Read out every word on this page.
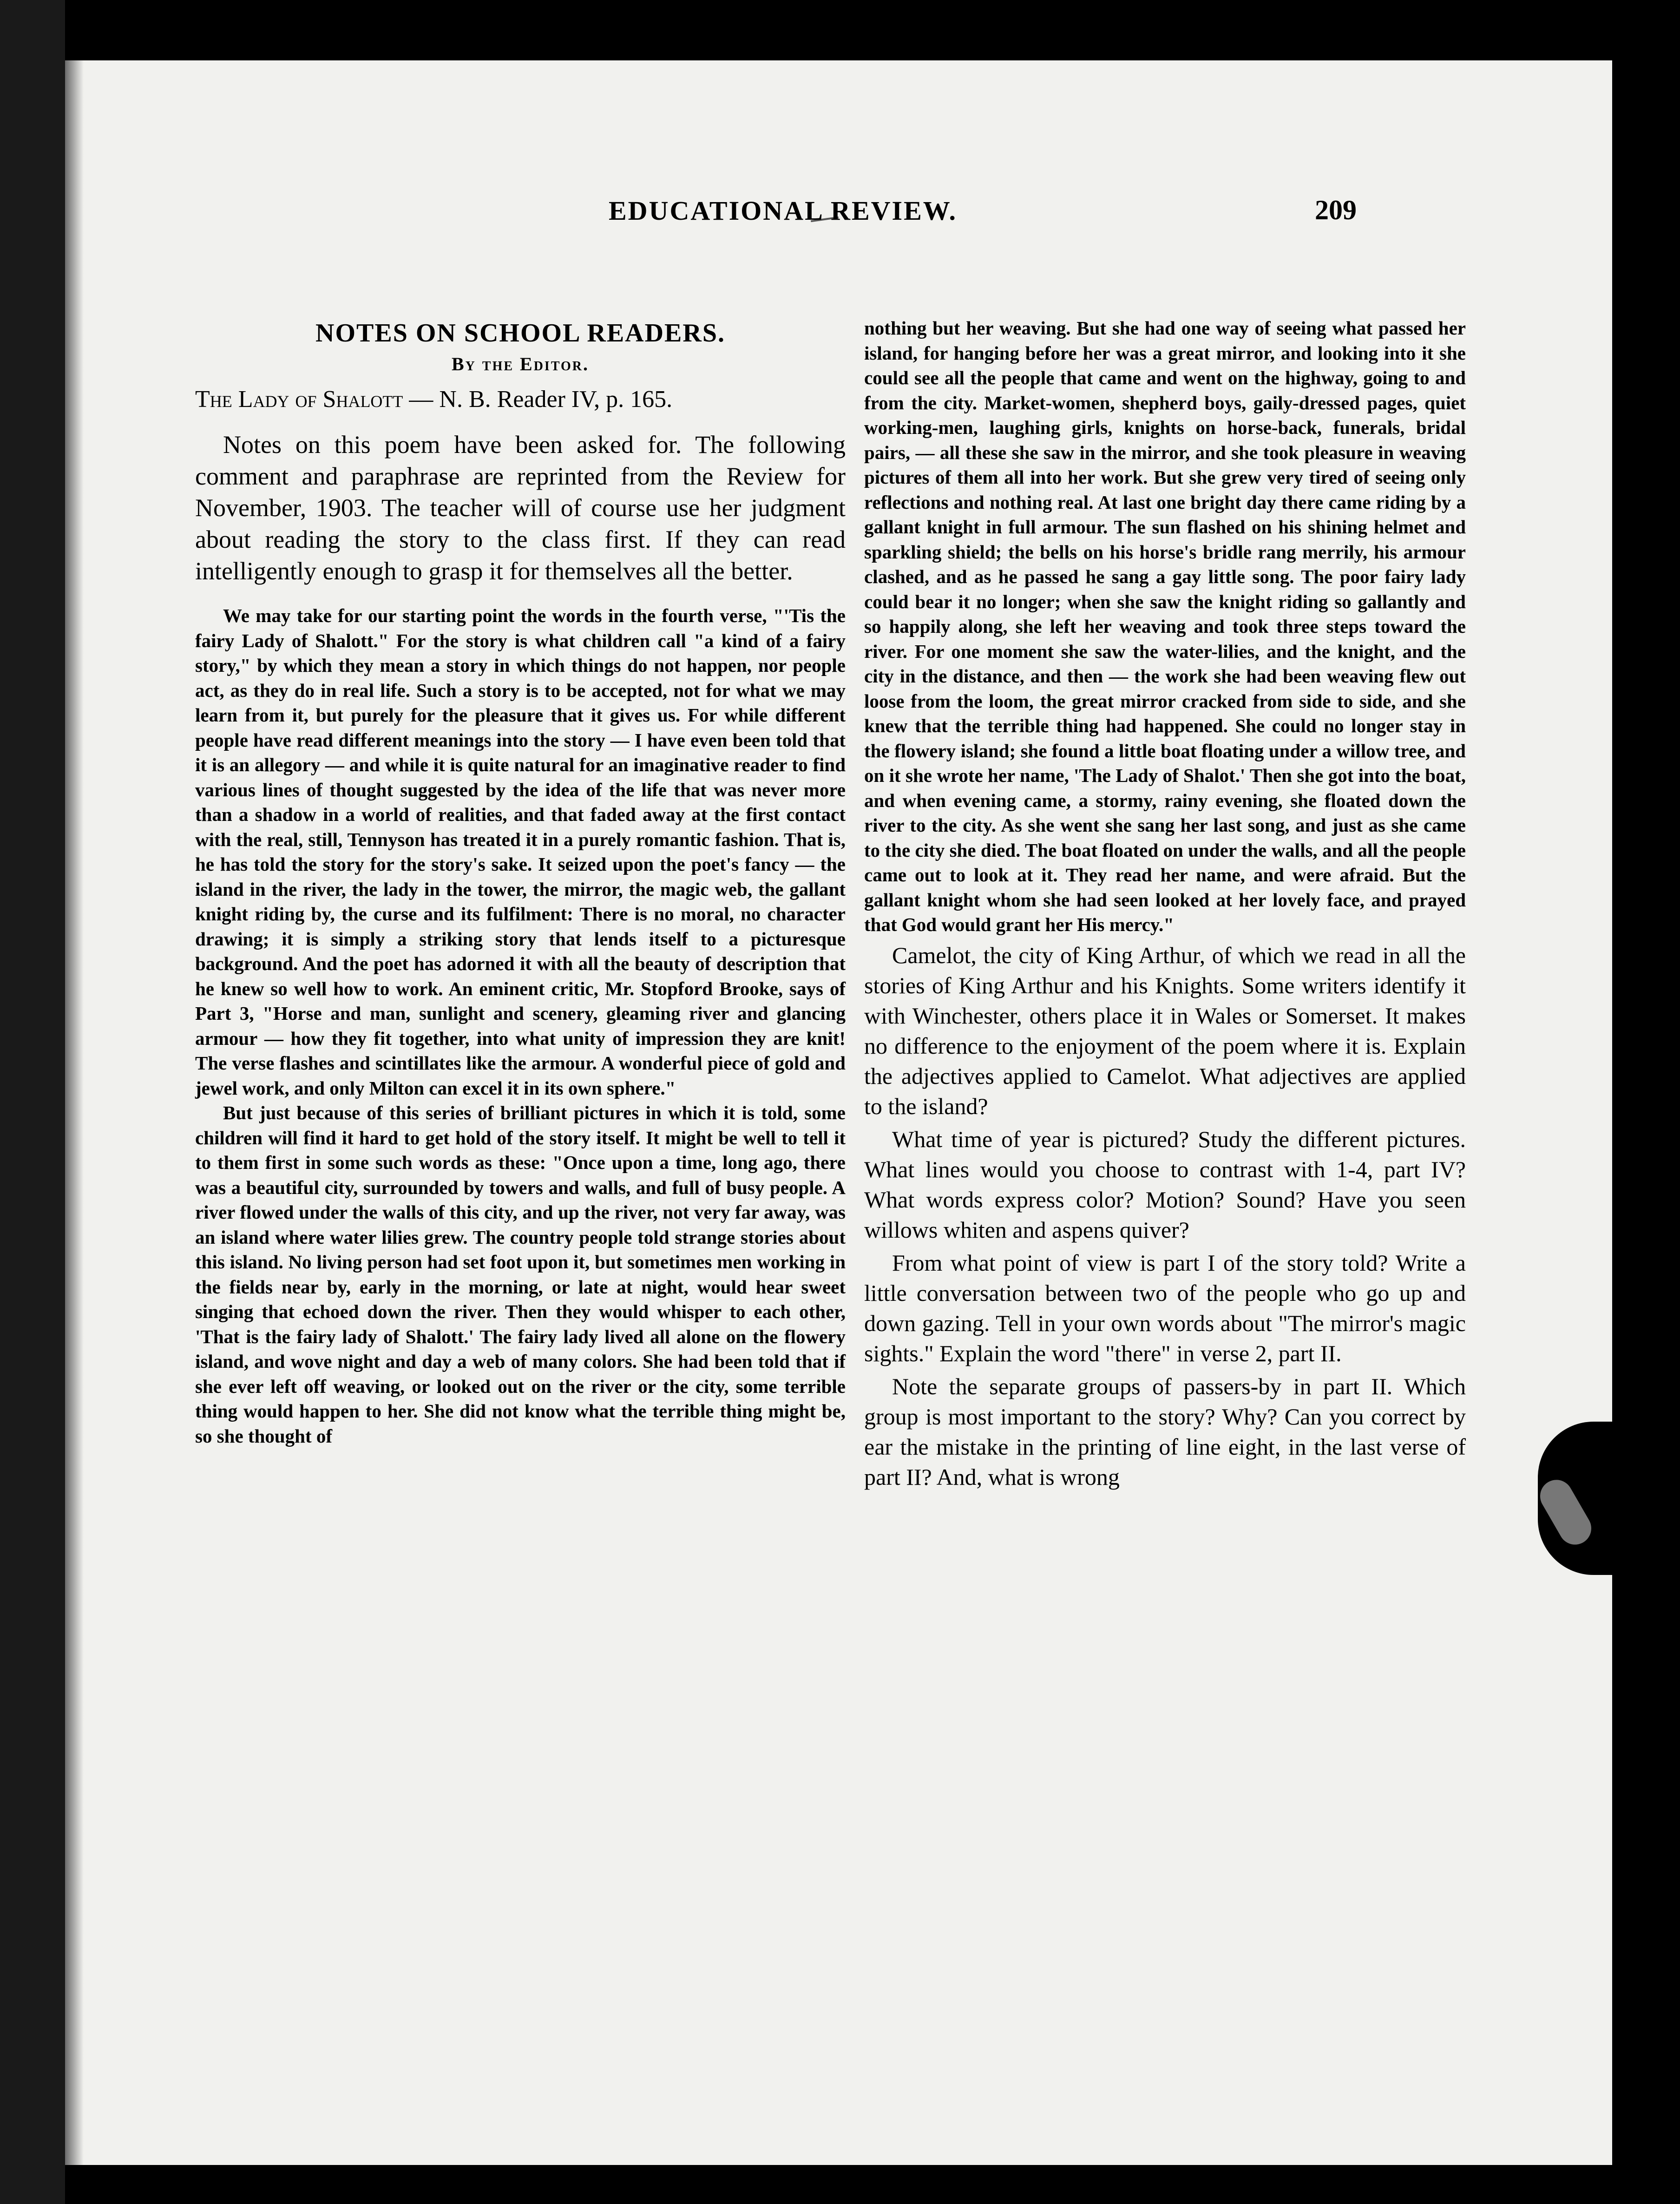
EDUCATIONAL REVIEW.	209
NOTES ON SCHOOL READERS.
By the Editor.

The Lady of Shalott — N. B. Reader IV, p. 165.

Notes on this poem have been asked for. The following comment and paraphrase are reprinted from the Review for November, 1903. The teacher will of course use her judgment about reading the story to the class first. If they can read intelligently enough to grasp it for themselves all the better.

We may take for our starting point the words in the fourth verse, "'Tis the fairy Lady of Shalott." For the story is what children call "a kind of a fairy story," by which they mean a story in which things do not happen, nor people act, as they do in real life. Such a story is to be accepted, not for what we may learn from it, but purely for the pleasure that it gives us. For while different people have read different meanings into the story — I have even been told that it is an allegory — and while it is quite natural for an imaginative reader to find various lines of thought suggested by the idea of the life that was never more than a shadow in a world of realities, and that faded away at the first contact with the real, still, Tennyson has treated it in a purely romantic fashion. That is, he has told the story for the story's sake. It seized upon the poet's fancy — the island in the river, the lady in the tower, the mirror, the magic web, the gallant knight riding by, the curse and its fulfilment: There is no moral, no character drawing; it is simply a striking story that lends itself to a picturesque background. And the poet has adorned it with all the beauty of description that he knew so well how to work. An eminent critic, Mr. Stopford Brooke, says of Part 3, "Horse and man, sunlight and scenery, gleaming river and glancing armour — how they fit together, into what unity of impression they are knit! The verse flashes and scintillates like the armour. A wonderful piece of gold and jewel work, and only Milton can excel it in its own sphere."

But just because of this series of brilliant pictures in which it is told, some children will find it hard to get hold of the story itself. It might be well to tell it to them first in some such words as these: "Once upon a time, long ago, there was a beautiful city, surrounded by towers and walls, and full of busy people. A river flowed under the walls of this city, and up the river, not very far away, was an island where water lilies grew. The country people told strange stories about this island. No living person had set foot upon it, but sometimes men working in the fields near by, early in the morning, or late at night, would hear sweet singing that echoed down the river. Then they would whisper to each other, 'That is the fairy lady of Shalott.' The fairy lady lived all alone on the flowery island, and wove night and day a web of many colors. She had been told that if she ever left off weaving, or looked out on the river or the city, some terrible thing would happen to her. She did not know what the terrible thing might be, so she thought of

nothing but her weaving. But she had one way of seeing what passed her island, for hanging before her was a great mirror, and looking into it she could see all the people that came and went on the highway, going to and from the city. Market-women, shepherd boys, gaily-dressed pages, quiet working-men, laughing girls, knights on horse-back, funerals, bridal pairs, — all these she saw in the mirror, and she took pleasure in weaving pictures of them all into her work. But she grew very tired of seeing only reflections and nothing real. At last one bright day there came riding by a gallant knight in full armour. The sun flashed on his shining helmet and sparkling shield; the bells on his horse's bridle rang merrily, his armour clashed, and as he passed he sang a gay little song. The poor fairy lady could bear it no longer; when she saw the knight riding so gallantly and so happily along, she left her weaving and took three steps toward the river. For one moment she saw the water-lilies, and the knight, and the city in the distance, and then — the work she had been weaving flew out loose from the loom, the great mirror cracked from side to side, and she knew that the terrible thing had happened. She could no longer stay in the flowery island; she found a little boat floating under a willow tree, and on it she wrote her name, 'The Lady of Shalot.' Then she got into the boat, and when evening came, a stormy, rainy evening, she floated down the river to the city. As she went she sang her last song, and just as she came to the city she died. The boat floated on under the walls, and all the people came out to look at it. They read her name, and were afraid. But the gallant knight whom she had seen looked at her lovely face, and prayed that God would grant her His mercy."

Camelot, the city of King Arthur, of which we read in all the stories of King Arthur and his Knights. Some writers identify it with Winchester, others place it in Wales or Somerset. It makes no difference to the enjoyment of the poem where it is. Explain the adjectives applied to Camelot. What adjectives are applied to the island?

What time of year is pictured? Study the different pictures. What lines would you choose to contrast with 1-4, part IV? What words express color? Motion? Sound? Have you seen willows whiten and aspens quiver?

From what point of view is part I of the story told? Write a little conversation between two of the people who go up and down gazing. Tell in your own words about "The mirror's magic sights." Explain the word "there" in verse 2, part II.

Note the separate groups of passers-by in part II. Which group is most important to the story? Why? Can you correct by ear the mistake in the printing of line eight, in the last verse of part II? And, what is wrong
